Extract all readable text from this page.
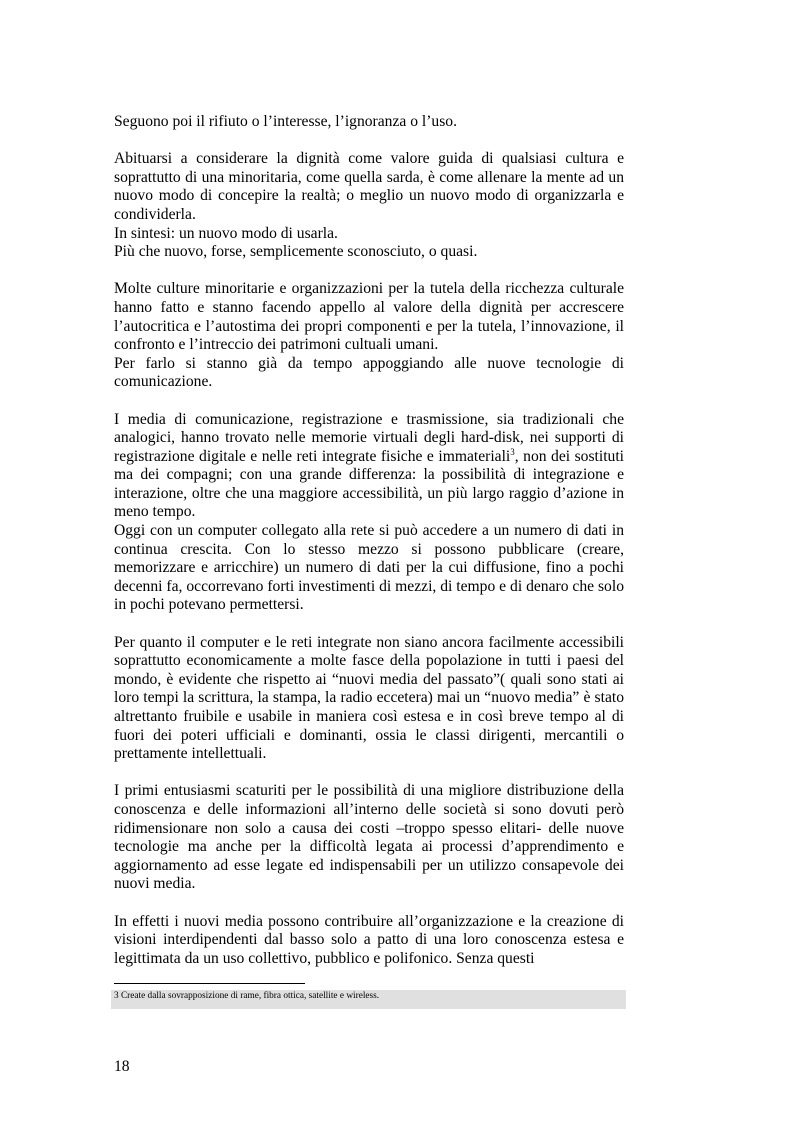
Seguono poi il rifiuto o l’interesse, l’ignoranza o l’uso.

Abituarsi a considerare la dignità come valore guida di qualsiasi cultura e soprattutto di una minoritaria, come quella sarda, è come allenare la mente ad un nuovo modo di concepire la realtà; o meglio un nuovo modo di organizzarla e condividerla.

In sintesi: un nuovo modo di usarla.

Più che nuovo, forse, semplicemente sconosciuto, o quasi.

Molte culture minoritarie e organizzazioni per la tutela della ricchezza culturale hanno fatto e stanno facendo appello al valore della dignità per accrescere l’autocritica e l’autostima dei propri componenti e per la tutela, l’innovazione, il confronto e l’intreccio dei patrimoni cultuali umani.

Per farlo si stanno già da tempo appoggiando alle nuove tecnologie di comunicazione.

I media di comunicazione, registrazione e trasmissione, sia tradizionali che analogici, hanno trovato nelle memorie virtuali degli hard-disk, nei supporti di registrazione digitale e nelle reti integrate fisiche e immateriali$^3$, non dei sostituti ma dei compagni; con una grande differenza: la possibilità di integrazione e interazione, oltre che una maggiore accessibilità, un più largo raggio d’azione in meno tempo.

Oggi con un computer collegato alla rete si può accedere a un numero di dati in continua crescita. Con lo stesso mezzo si possono pubblicare (creare, memorizzare e arricchire) un numero di dati per la cui diffusione, fino a pochi decenni fa, occorrevano forti investimenti di mezzi, di tempo e di denaro che solo in pochi potevano permettersi.

Per quanto il computer e le reti integrate non siano ancora facilmente accessibili soprattutto economicamente a molte fasce della popolazione in tutti i paesi del mondo, è evidente che rispetto ai “nuovi media del passato”( quali sono stati ai loro tempi la scrittura, la stampa, la radio eccetera) mai un “nuovo media” è stato altrettanto fruibile e usabile in maniera così estesa e in così breve tempo al di fuori dei poteri ufficiali e dominanti, ossia le classi dirigenti, mercantili o prettamente intellettuali.

I primi entusiasmi scaturiti per le possibilità di una migliore distribuzione della conoscenza e delle informazioni all’interno delle società si sono dovuti però ridimensionare non solo a causa dei costi –troppo spesso elitari- delle nuove tecnologie ma anche per la difficoltà legata ai processi d’apprendimento e aggiornamento ad esse legate ed indispensabili per un utilizzo consapevole dei nuovi media.

In effetti i nuovi media possono contribuire all’organizzazione e la creazione di visioni interdipendenti dal basso solo a patto di una loro conoscenza estesa e legittimata da un uso collettivo, pubblico e polifonico. Senza questi

3 Create dalla sovrapposizione di rame, fibra ottica, satellite e wireless.
18
